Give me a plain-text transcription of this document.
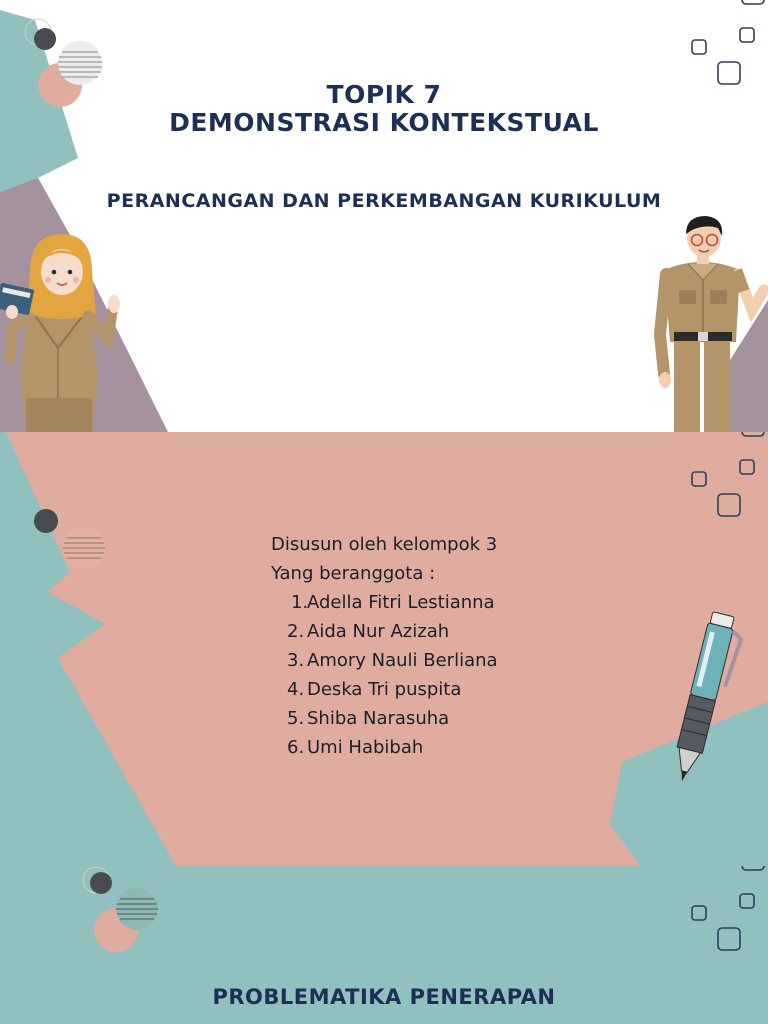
TOPIK 7
DEMONSTRASI KONTEKSTUAL
PERANCANGAN DAN PERKEMBANGAN KURIKULUM
Disusun oleh kelompok 3
Yang beranggota :
1.
Adella Fitri Lestianna
2. Aida Nur Azizah
3. Amory Nauli Berliana
4. Deska Tri puspita
5. Shiba Narasuha
6. Umi Habibah
PROBLEMATIKA PENERAPAN
